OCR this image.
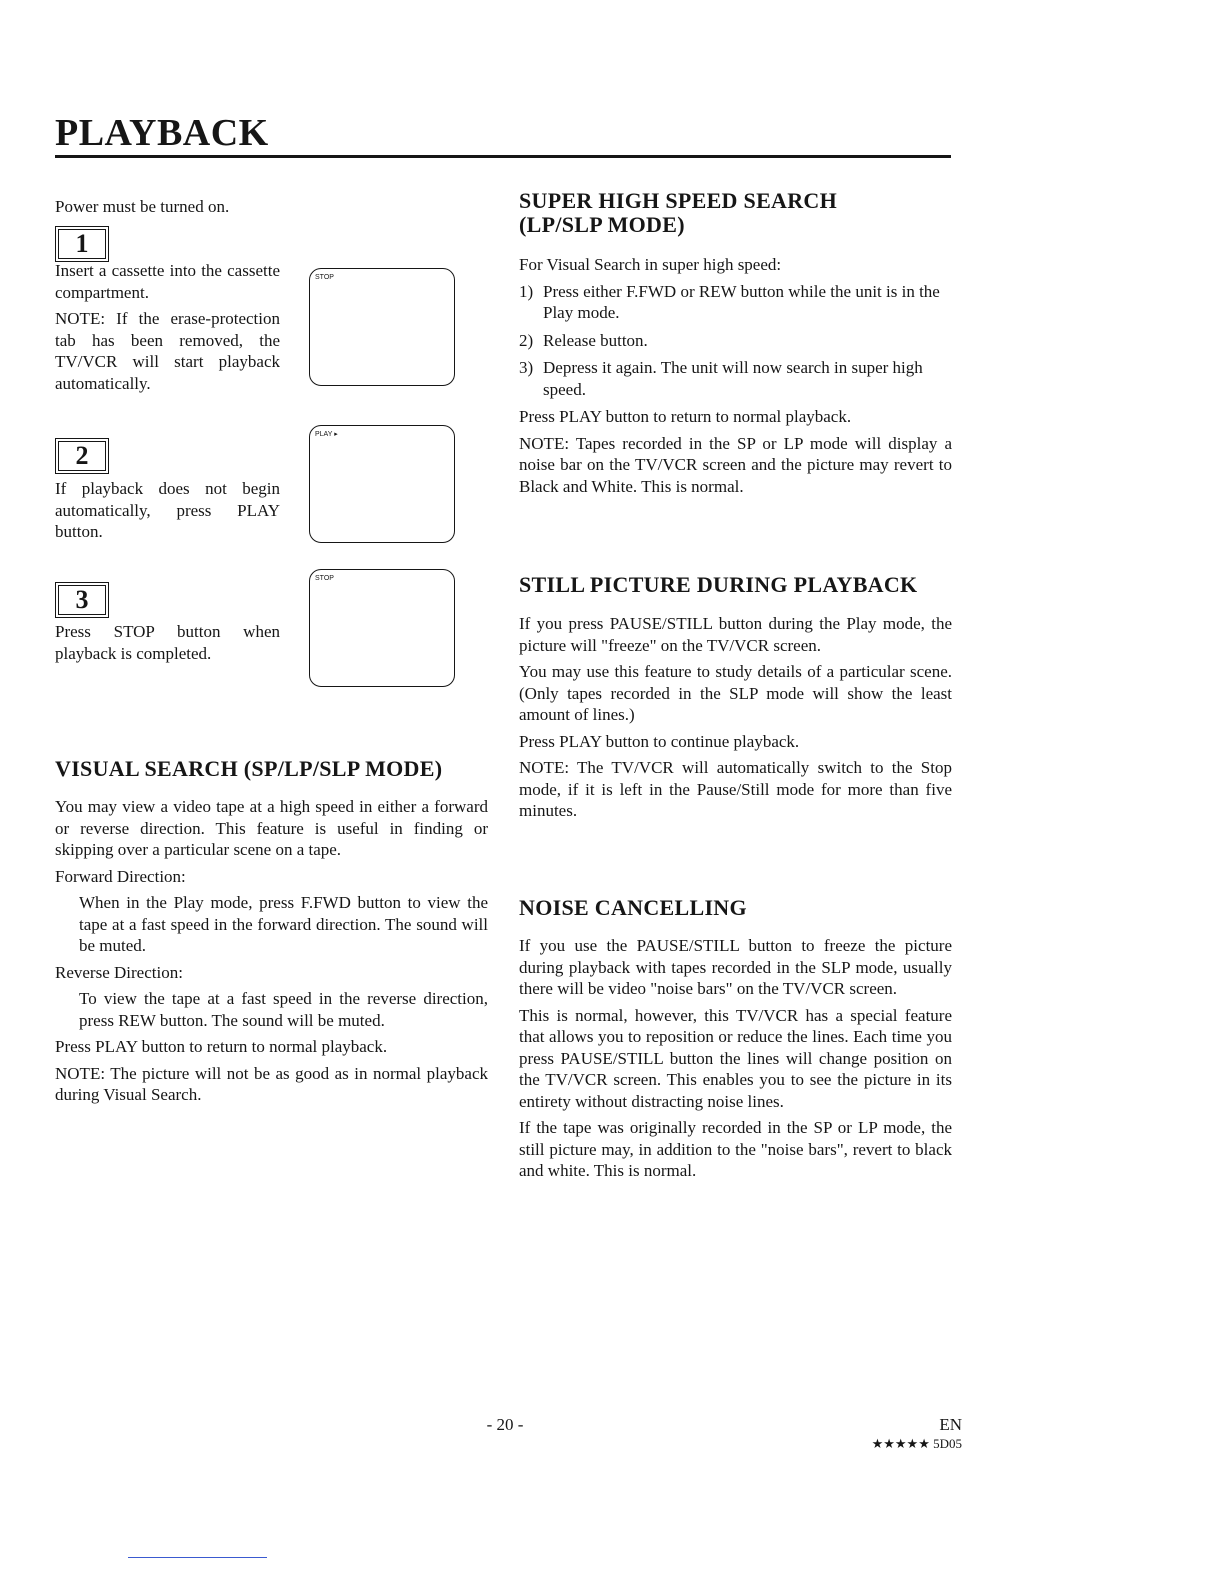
PLAYBACK

Power must be turned on.

1

Insert a cassette into the cassette compartment.

NOTE: If the erase-protection tab has been removed, the TV/VCR will start playback automatically.

STOP
2

If playback does not begin automatically, press PLAY button.

PLAY ▸
3

Press STOP button when playback is completed.

STOP
VISUAL SEARCH (SP/LP/SLP MODE)

You may view a video tape at a high speed in either a forward or reverse direction. This feature is useful in finding or skipping over a particular scene on a tape.

Forward Direction:

When in the Play mode, press F.FWD button to view the tape at a fast speed in the forward direction. The sound will be muted.

Reverse Direction:

To view the tape at a fast speed in the reverse direction, press REW button. The sound will be muted.

Press PLAY button to return to normal playback.

NOTE: The picture will not be as good as in normal playback during Visual Search.

SUPER HIGH SPEED SEARCH
(LP/SLP MODE)

For Visual Search in super high speed:

1) Press either F.FWD or REW button while the unit is in the Play mode.
2) Release button.
3) Depress it again. The unit will now search in super high speed.

Press PLAY button to return to normal playback.

NOTE: Tapes recorded in the SP or LP mode will display a noise bar on the TV/VCR screen and the picture may revert to Black and White. This is normal.

STILL PICTURE DURING PLAYBACK

If you press PAUSE/STILL button during the Play mode, the picture will "freeze" on the TV/VCR screen.

You may use this feature to study details of a particular scene. (Only tapes recorded in the SLP mode will show the least amount of lines.)

Press PLAY button to continue playback.

NOTE: The TV/VCR will automatically switch to the Stop mode, if it is left in the Pause/Still mode for more than five minutes.

NOISE CANCELLING

If you use the PAUSE/STILL button to freeze the picture during playback with tapes recorded in the SLP mode, usually there will be video "noise bars" on the TV/VCR screen.

This is normal, however, this TV/VCR has a special feature that allows you to reposition or reduce the lines. Each time you press PAUSE/STILL button the lines will change position on the TV/VCR screen. This enables you to see the picture in its entirety without distracting noise lines.

If the tape was originally recorded in the SP or LP mode, the still picture may, in addition to the "noise bars", revert to black and white. This is normal.

- 20 -	EN
★★★★★ 5D05
